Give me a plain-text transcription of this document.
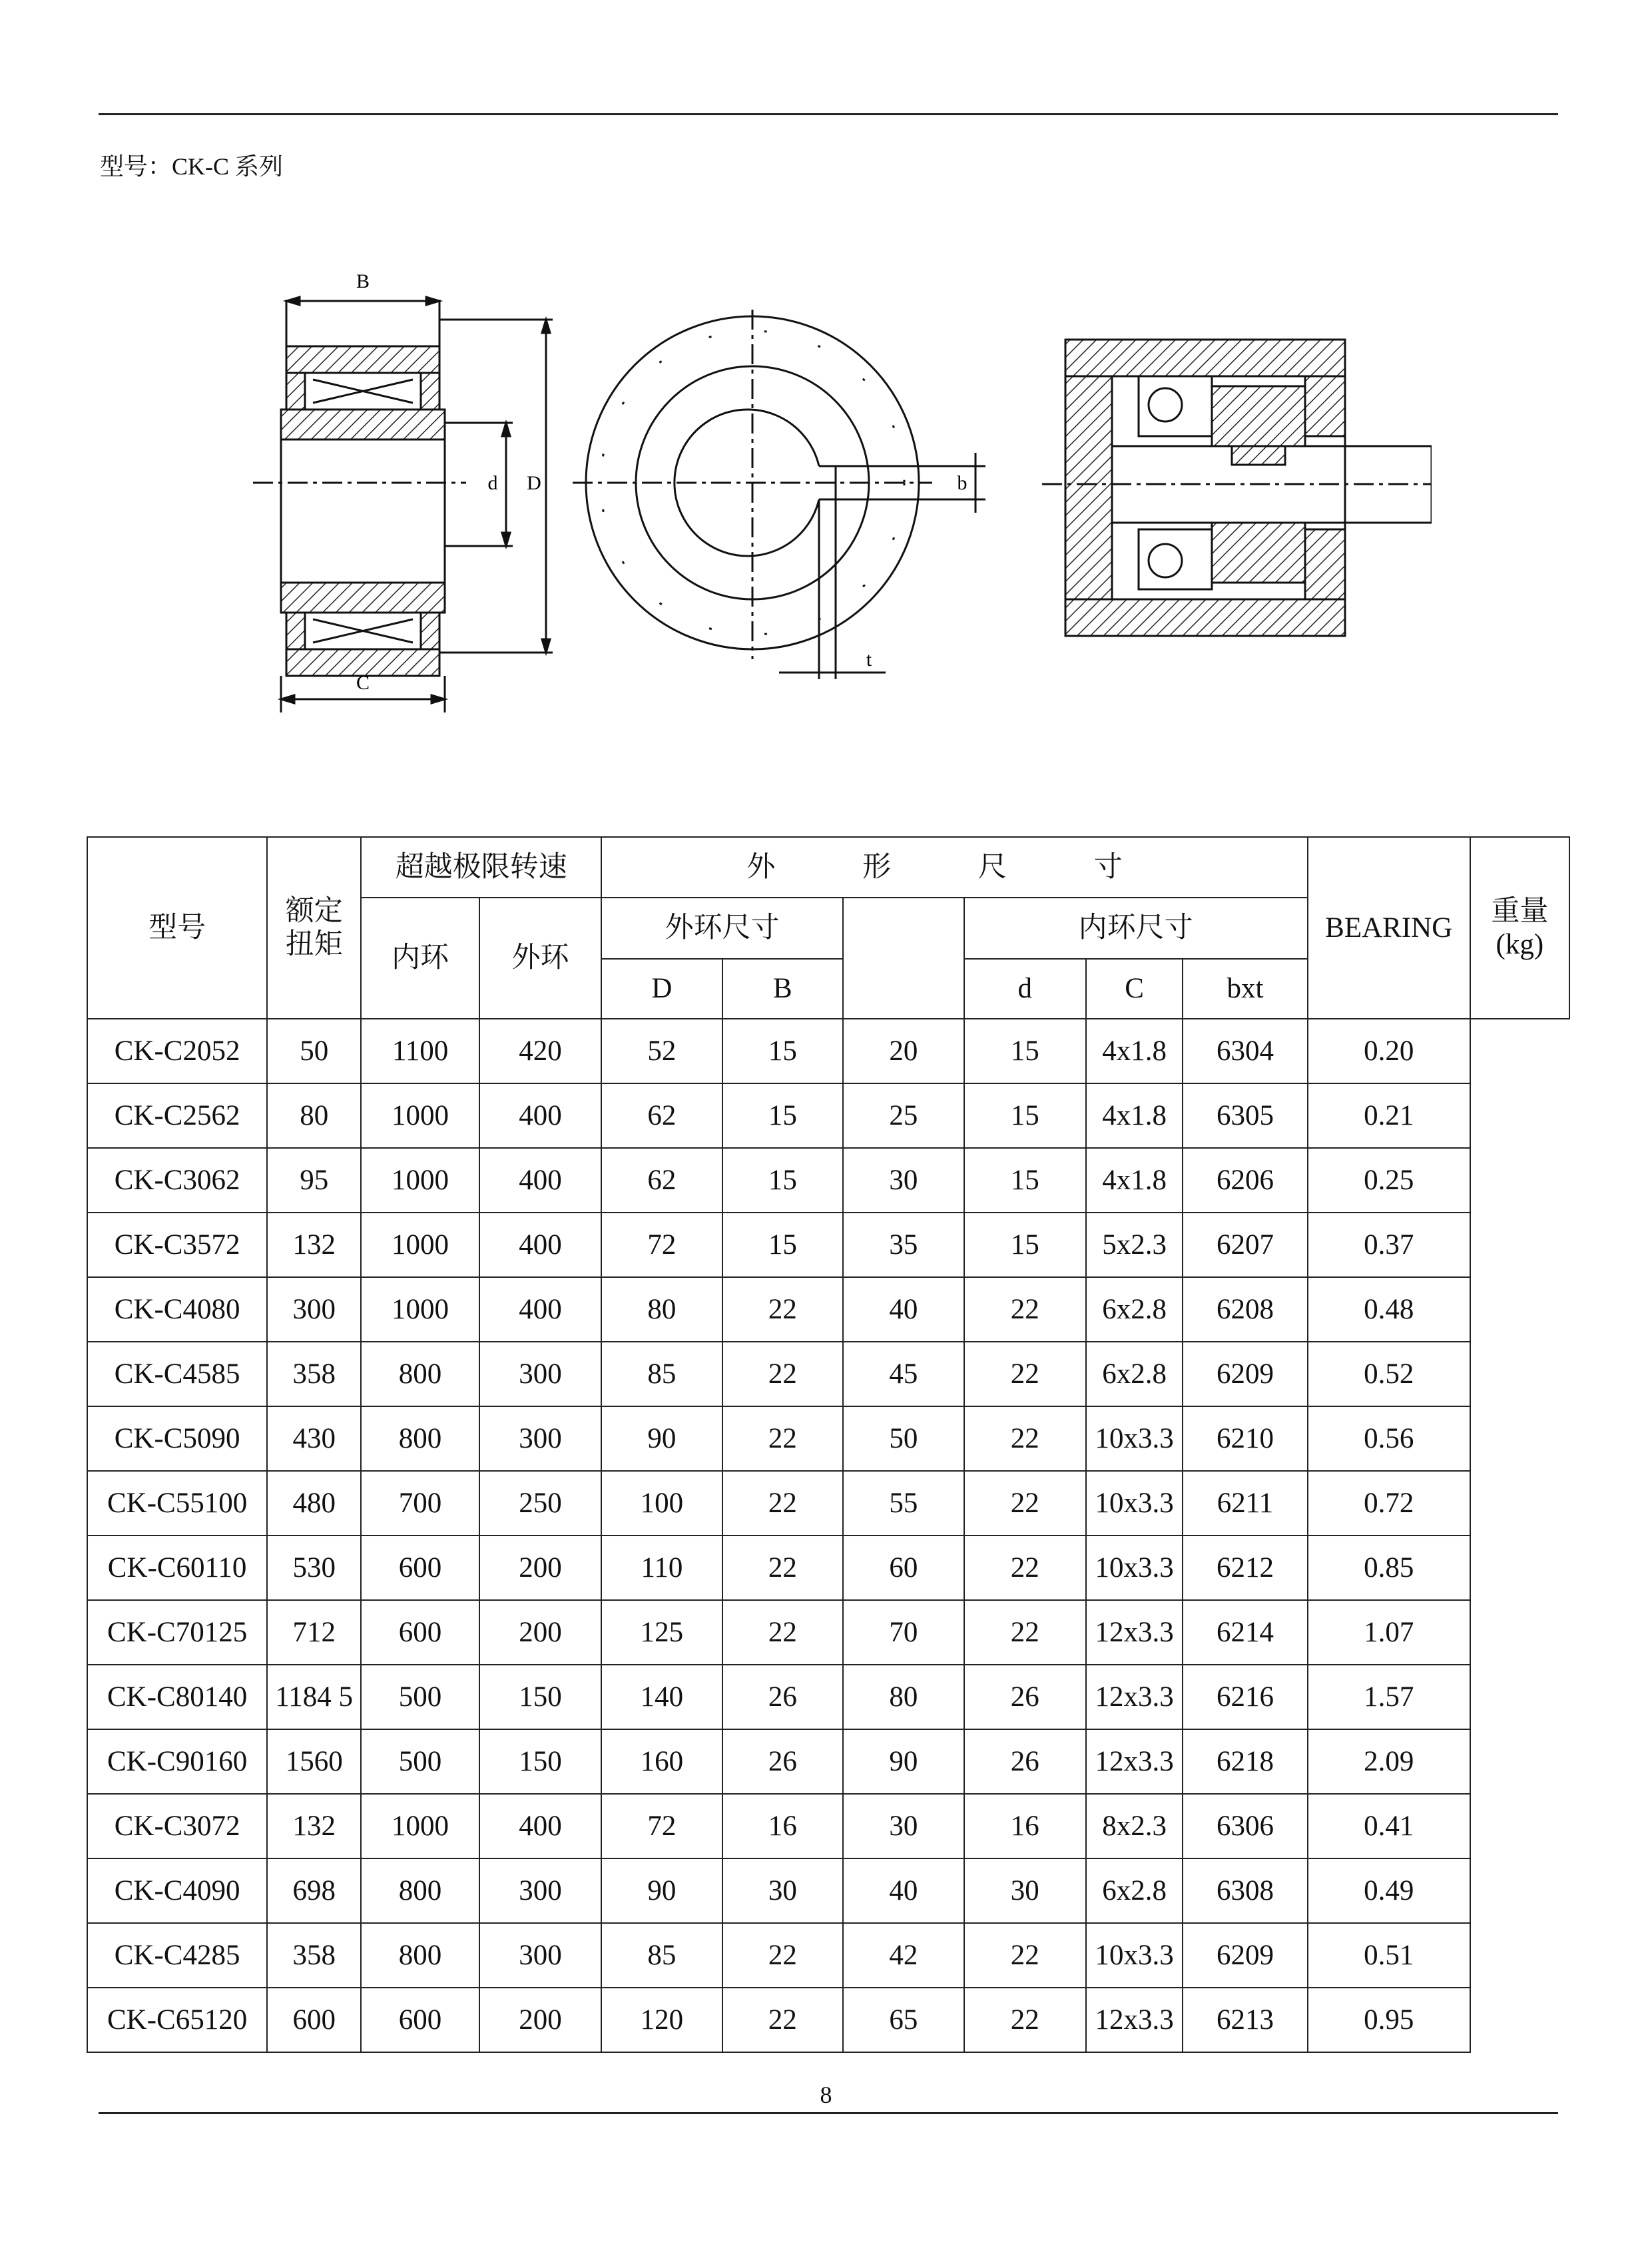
型号：CK-C 系列
B
C
d D	b
t
型号	额定扭矩	超越极限转速		外 形 尺 寸						BEARING	重量(kg)
		内环	外环	外环尺寸			内环尺寸				
				D	B		d	C	bxt		
CK-C2052	50	1100	420	52	15	20	15	4x1.8	6304	0.20	
CK-C2562	80	1000	400	62	15	25	15	4x1.8	6305	0.21	
CK-C3062	95	1000	400	62	15	30	15	4x1.8	6206	0.25	
CK-C3572	132	1000	400	72	15	35	15	5x2.3	6207	0.37	
CK-C4080	300	1000	400	80	22	40	22	6x2.8	6208	0.48	
CK-C4585	358	800	300	85	22	45	22	6x2.8	6209	0.52	
CK-C5090	430	800	300	90	22	50	22	10x3.3	6210	0.56	
CK-C55100	480	700	250	100	22	55	22	10x3.3	6211	0.72	
CK-C60110	530	600	200	110	22	60	22	10x3.3	6212	0.85	
CK-C70125	712	600	200	125	22	70	22	12x3.3	6214	1.07	
CK-C80140	1184 5	500	150	140	26	80	26	12x3.3	6216	1.57	
CK-C90160	1560	500	150	160	26	90	26	12x3.3	6218	2.09	
CK-C3072	132	1000	400	72	16	30	16	8x2.3	6306	0.41	
CK-C4090	698	800	300	90	30	40	30	6x2.8	6308	0.49	
CK-C4285	358	800	300	85	22	42	22	10x3.3	6209	0.51	
CK-C65120	600	600	200	120	22	65	22	12x3.3	6213	0.95	
8
